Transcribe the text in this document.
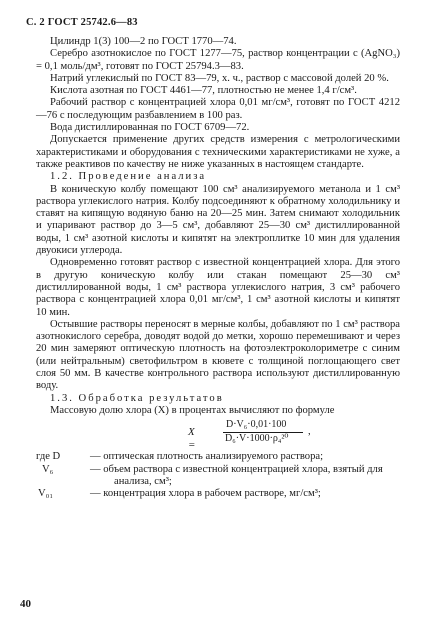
С. 2 ГОСТ 25742.6—83

Цилиндр 1(3) 100—2 по ГОСТ 1770—74.

Серебро азотнокислое по ГОСТ 1277—75, раствор концентрации с (AgNO₃) = 0,1 моль/дм³, готовят по ГОСТ 25794.3—83.

Натрий углекислый по ГОСТ 83—79, х. ч., раствор с массовой долей 20 %.

Кислота азотная по ГОСТ 4461—77, плотностью не менее 1,4 г/см³.

Рабочий раствор с концентрацией хлора 0,01 мг/см³, готовят по ГОСТ 4212—76 с последующим разбавлением в 100 раз.

Вода дистиллированная по ГОСТ 6709—72.

Допускается применение других средств измерения с метрологическими характеристиками и оборудования с техническими характеристиками не хуже, а также реактивов по качеству не ниже указанных в настоящем стандарте.

1.2. Проведение анализа

В коническую колбу помещают 100 см³ анализируемого метанола и 1 см³ раствора углекислого натрия. Колбу подсоединяют к обратному холодильнику и ставят на кипящую водяную баню на 20—25 мин. Затем снимают холодильник и упаривают раствор до 3—5 см³, добавляют 25—30 см³ дистиллированной воды, 1 см³ азотной кислоты и кипятят на электроплитке 10 мин для удаления двуокиси углерода.

Одновременно готовят раствор с известной концентрацией хлора. Для этого в другую коническую колбу или стакан помещают 25—30 см³ дистиллированной воды, 1 см³ раствора углекислого натрия, 3 см³ рабочего раствора с концентрацией хлора 0,01 мг/см³, 1 см³ азотной кислоты и кипятят 10 мин.

Остывшие растворы переносят в мерные колбы, добавляют по 1 см³ раствора азотнокислого серебра, доводят водой до метки, хорошо перемешивают и через 20 мин замеряют оптическую плотность на фотоэлектроколориметре с синим (или нейтральным) светофильтром в кювете с толщиной поглощающего свет слоя 50 мм. В качестве контрольного раствора используют дистиллированную воду.

1.3. Обработка результатов

Массовую долю хлора (X) в процентах вычисляют по формуле

X =
D·V₆·0,01·100
D₆·V·1000·ρ₄²⁰
,
где D	— оптическая плотность анализируемого раствора;

V₆	— объем раствора с известной концентрацией хлора, взятый для анализа, см³;

V₀₁	— концентрация хлора в рабочем растворе, мг/см³;

40
